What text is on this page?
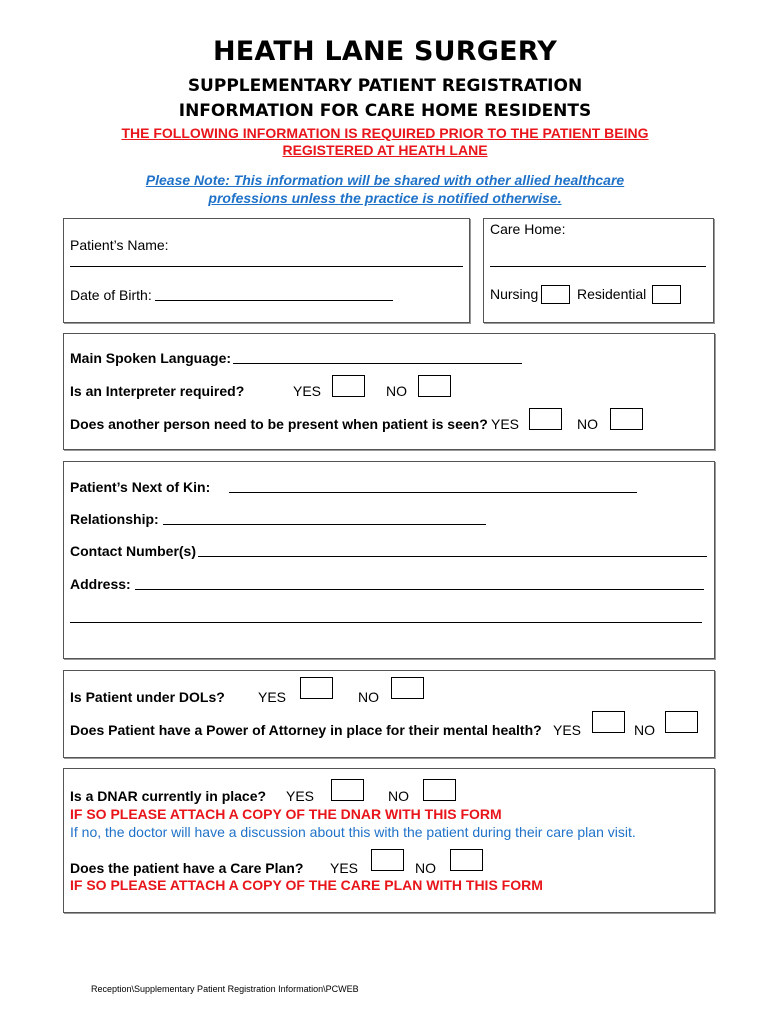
HEATH LANE SURGERY
SUPPLEMENTARY PATIENT REGISTRATION
INFORMATION FOR CARE HOME RESIDENTS
THE FOLLOWING INFORMATION IS REQUIRED PRIOR TO THE PATIENT BEING
REGISTERED AT HEATH LANE
Please Note: This information will be shared with other allied healthcare
professions unless the practice is notified otherwise.
Patient’s Name:
Date of Birth:
Care Home:
Nursing	Residential
Main Spoken Language:
Is an Interpreter required?	YES	NO
Does another person need to be present when patient is seen? YES	NO
Patient’s Next of Kin:
Relationship:
Contact Number(s)
Address:
Is Patient under DOLs? YES	NO
Does Patient have a Power of Attorney in place for their mental health? YES	NO
Is a DNAR currently in place? YES	NO
IF SO PLEASE ATTACH A COPY OF THE DNAR WITH THIS FORM
If no, the doctor will have a discussion about this with the patient during their care plan visit.
Does the patient have a Care Plan? YES	NO
IF SO PLEASE ATTACH A COPY OF THE CARE PLAN WITH THIS FORM
Reception\Supplementary Patient Registration Information\PCWEB
